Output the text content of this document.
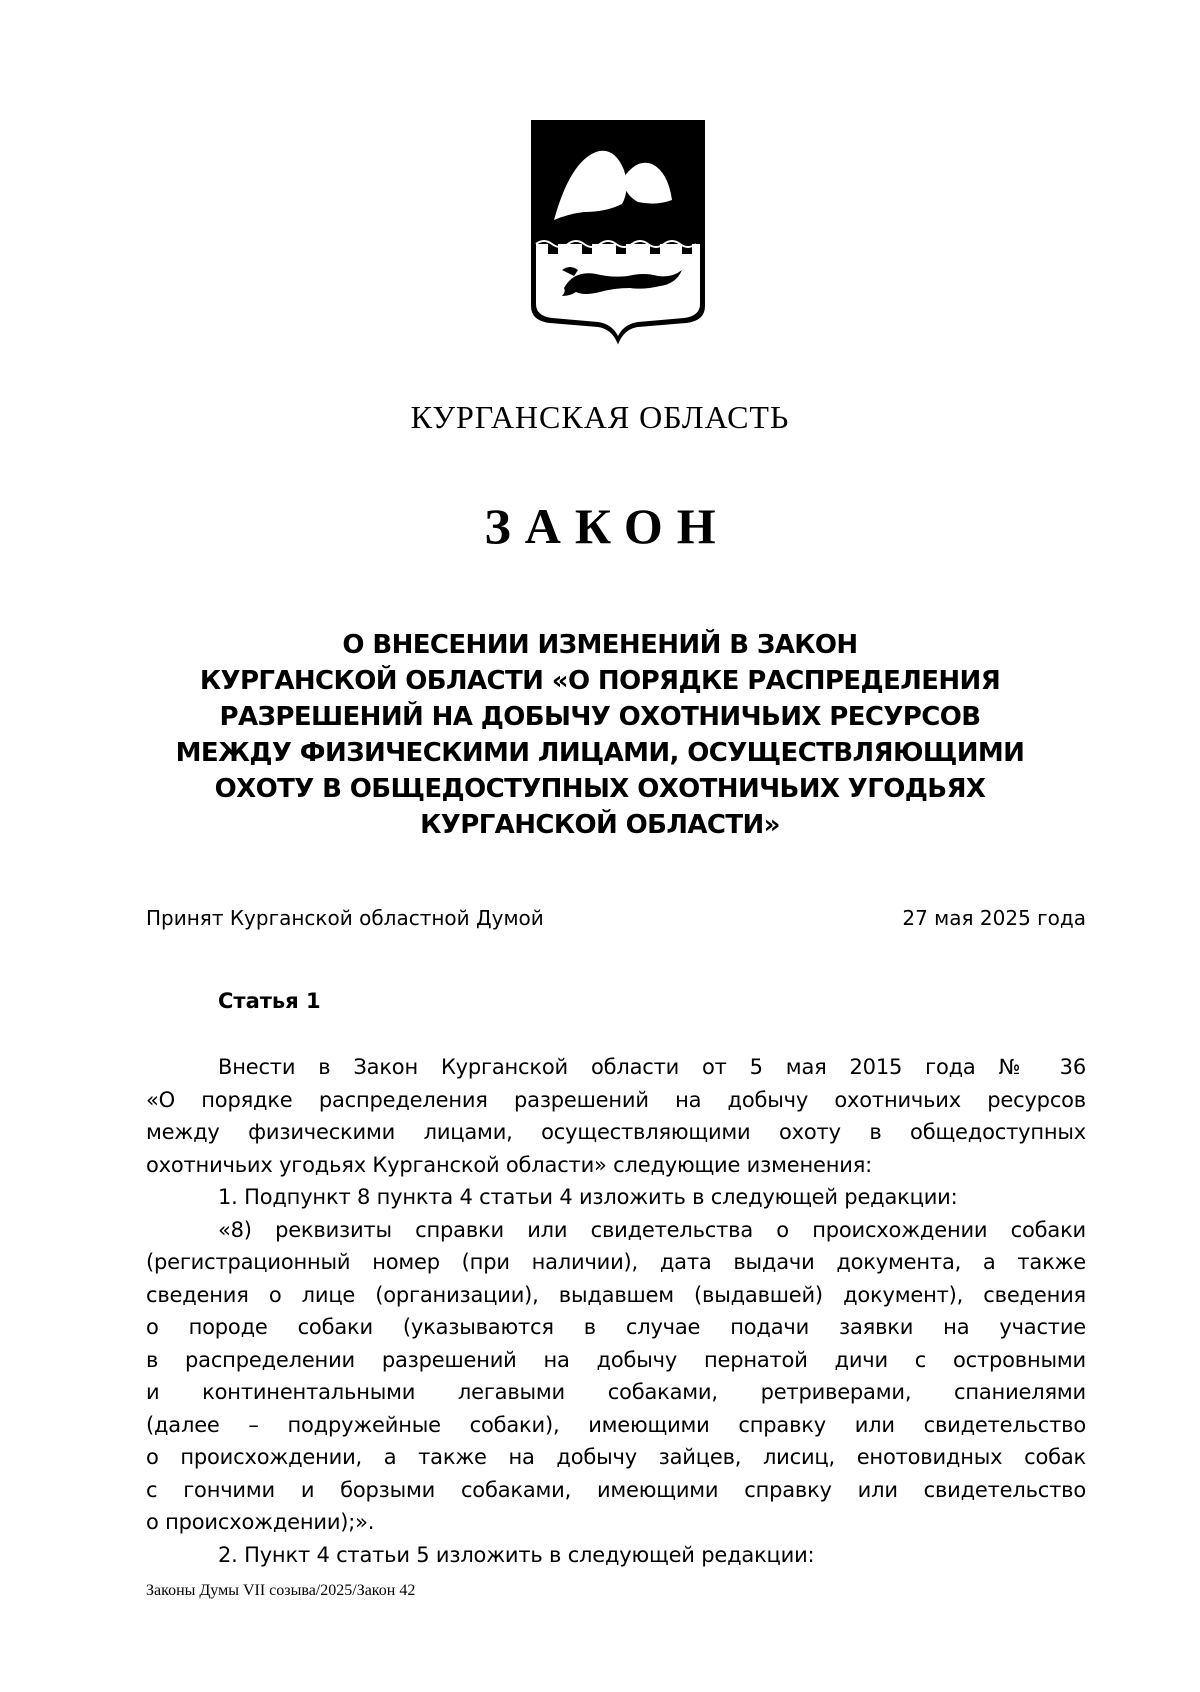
КУРГАНСКАЯ ОБЛАСТЬ
ЗАКОН
О ВНЕСЕНИИ ИЗМЕНЕНИЙ В ЗАКОН
КУРГАНСКОЙ ОБЛАСТИ «О ПОРЯДКЕ РАСПРЕДЕЛЕНИЯ
РАЗРЕШЕНИЙ НА ДОБЫЧУ ОХОТНИЧЬИХ РЕСУРСОВ
МЕЖДУ ФИЗИЧЕСКИМИ ЛИЦАМИ, ОСУЩЕСТВЛЯЮЩИМИ
ОХОТУ В ОБЩЕДОСТУПНЫХ ОХОТНИЧЬИХ УГОДЬЯХ
КУРГАНСКОЙ ОБЛАСТИ»
Принят Курганской областной Думой	27 мая 2025 года
Статья 1
Внести в Закон Курганской области от 5 мая 2015 года № 36
«О порядке распределения разрешений на добычу охотничьих ресурсов
между физическими лицами, осуществляющими охоту в общедоступных
охотничьих угодьях Курганской области» следующие изменения:
1. Подпункт 8 пункта 4 статьи 4 изложить в следующей редакции:
«8) реквизиты справки или свидетельства о происхождении собаки
(регистрационный номер (при наличии), дата выдачи документа, а также
сведения о лице (организации), выдавшем (выдавшей) документ), сведения
о породе собаки (указываются в случае подачи заявки на участие
в распределении разрешений на добычу пернатой дичи с островными
и континентальными легавыми собаками, ретриверами, спаниелями
(далее – подружейные собаки), имеющими справку или свидетельство
о происхождении, а также на добычу зайцев, лисиц, енотовидных собак
с гончими и борзыми собаками, имеющими справку или свидетельство
о происхождении);».
2. Пункт 4 статьи 5 изложить в следующей редакции:
Законы Думы VII созыва/2025/Закон 42
